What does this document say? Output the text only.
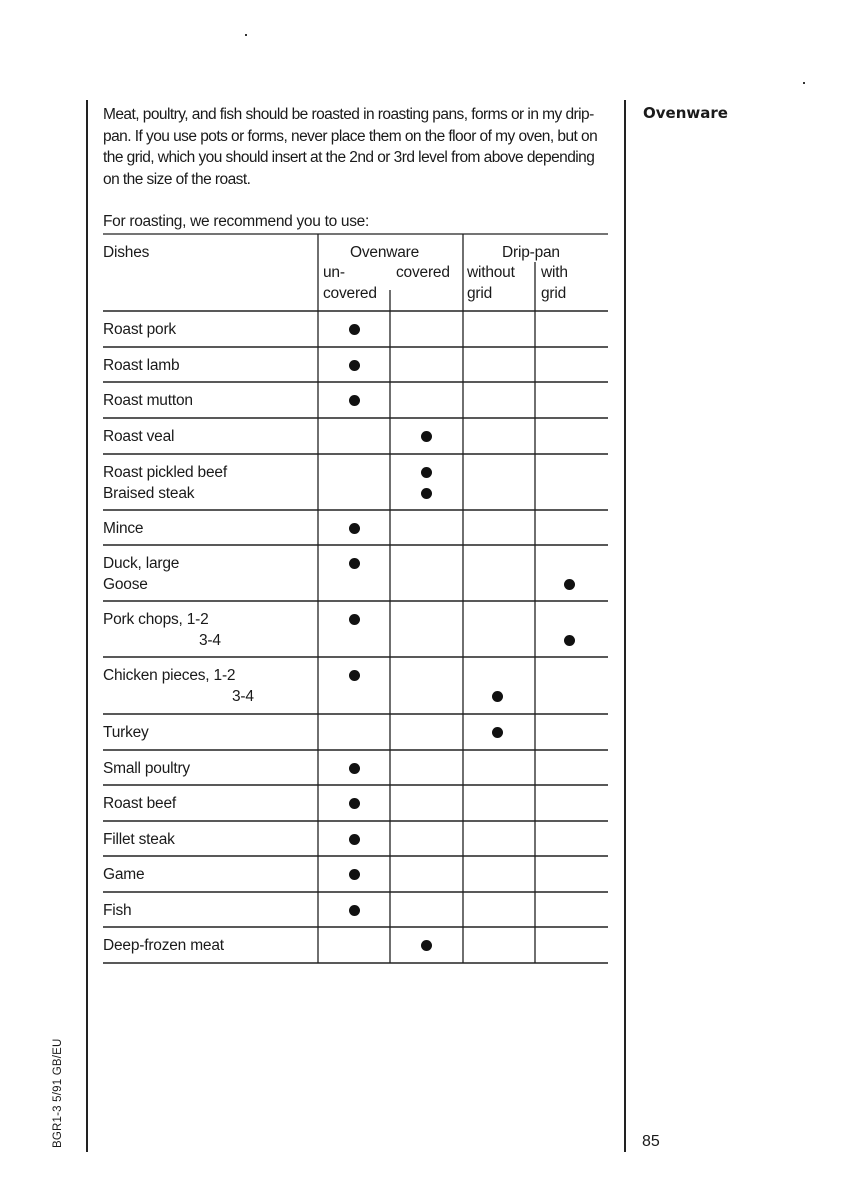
Meat, poultry, and fish should be roasted in roasting pans, forms or in my drip-pan. If you use pots or forms, never place them on the floor of my oven, but on the grid, which you should insert at the 2nd or 3rd level from above depending on the size of the roast.
Ovenware
For roasting, we recommend you to use:
Dishes	Ovenware	Drip-pan
un-
covered
covered without
grid
with
grid
Roast pork
Roast lamb
Roast mutton
Roast veal
Roast pickled beef
Braised steak
Mince
Duck, large
Goose
Pork chops, 1-2
3-4
Chicken pieces, 1-2
3-4
Turkey
Small poultry
Roast beef
Fillet steak
Game
Fish
Deep-frozen meat
85
BGR1-3 5/91 GB/EU
